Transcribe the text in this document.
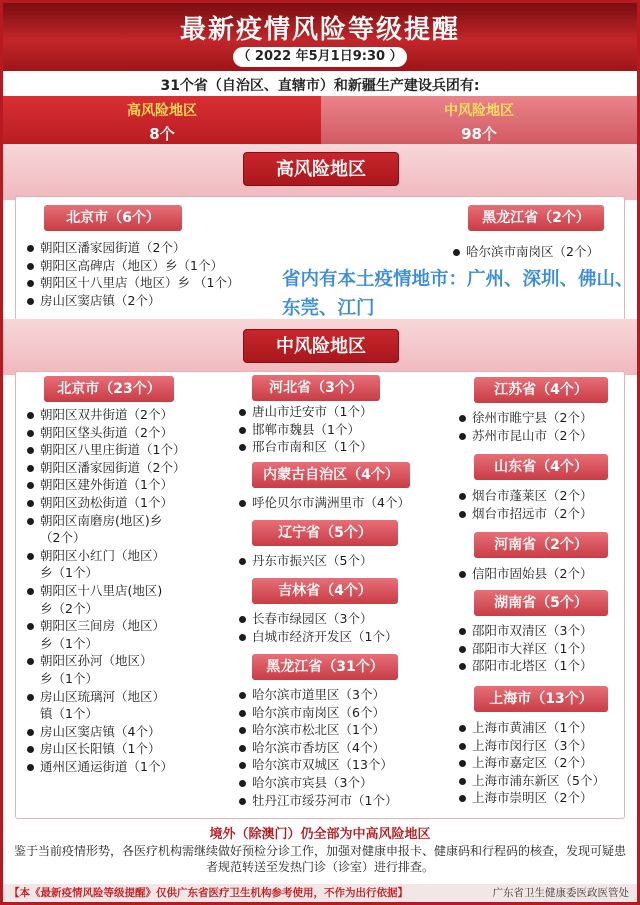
最新疫情风险等级提醒
（ 2022 年5月1日9:30 ）
31个省（自治区、直辖市）和新疆生产建设兵团有:
高风险地区
8个
中风险地区
98个
高风险地区
北京市（6个）
朝阳区潘家园街道（2个）
朝阳区高碑店（地区）乡（1个）
朝阳区十八里店（地区）乡 （1个）
房山区窦店镇（2个）
黑龙江省（2个）
哈尔滨市南岗区（2个）
省内有本土疫情地市：广州、深圳、佛山、东莞、江门
中风险地区
北京市（23个）
朝阳区双井街道（2个）
朝阳区垡头街道（2个）
朝阳区八里庄街道（1个）
朝阳区潘家园街道（2个）
朝阳区建外街道（1个）
朝阳区劲松街道（1个）
朝阳区南磨房(地区)乡
（2个）
朝阳区小红门（地区）
乡（1个）
朝阳区十八里店(地区)
乡（2个）
朝阳区三间房（地区）
乡（1个）
朝阳区孙河（地区）
乡（1个）
房山区琉璃河（地区）
镇（1个）
房山区窦店镇（4个）
房山区长阳镇（1个）
通州区通运街道（1个）
河北省（3个）
唐山市迁安市（1个）
邯郸市魏县（1个）
邢台市南和区（1个）
内蒙古自治区（4个）
呼伦贝尔市满洲里市（4个）
辽宁省（5个）
丹东市振兴区（5个）
吉林省（4个）
长春市绿园区（3个）
白城市经济开发区（1个）
黑龙江省（31个）
哈尔滨市道里区（3个）
哈尔滨市南岗区（6个）
哈尔滨市松北区（1个）
哈尔滨市香坊区（4个）
哈尔滨市双城区（13个）
哈尔滨市宾县（3个）
牡丹江市绥芬河市（1个）
江苏省（4个）
徐州市睢宁县（2个）
苏州市昆山市（2个）
山东省（4个）
烟台市蓬莱区（2个）
烟台市招远市（2个）
河南省（2个）
信阳市固始县（2个）
湖南省（5个）
邵阳市双清区（3个）
邵阳市大祥区（1个）
邵阳市北塔区（1个）
上海市（13个）
上海市黄浦区（1个）
上海市闵行区（3个）
上海市嘉定区（2个）
上海市浦东新区（5个）
上海市崇明区（2个）
境外（除澳门）仍全部为中高风险地区
鉴于当前疫情形势，各医疗机构需继续做好预检分诊工作，加强对健康申报卡、健康码和行程码的核查，发现可疑患者规范转送至发热门诊（诊室）进行排查。
【本《最新疫情风险等级提醒》仅供广东省医疗卫生机构参考使用，不作为出行依据】	广东省卫生健康委医政医管处
